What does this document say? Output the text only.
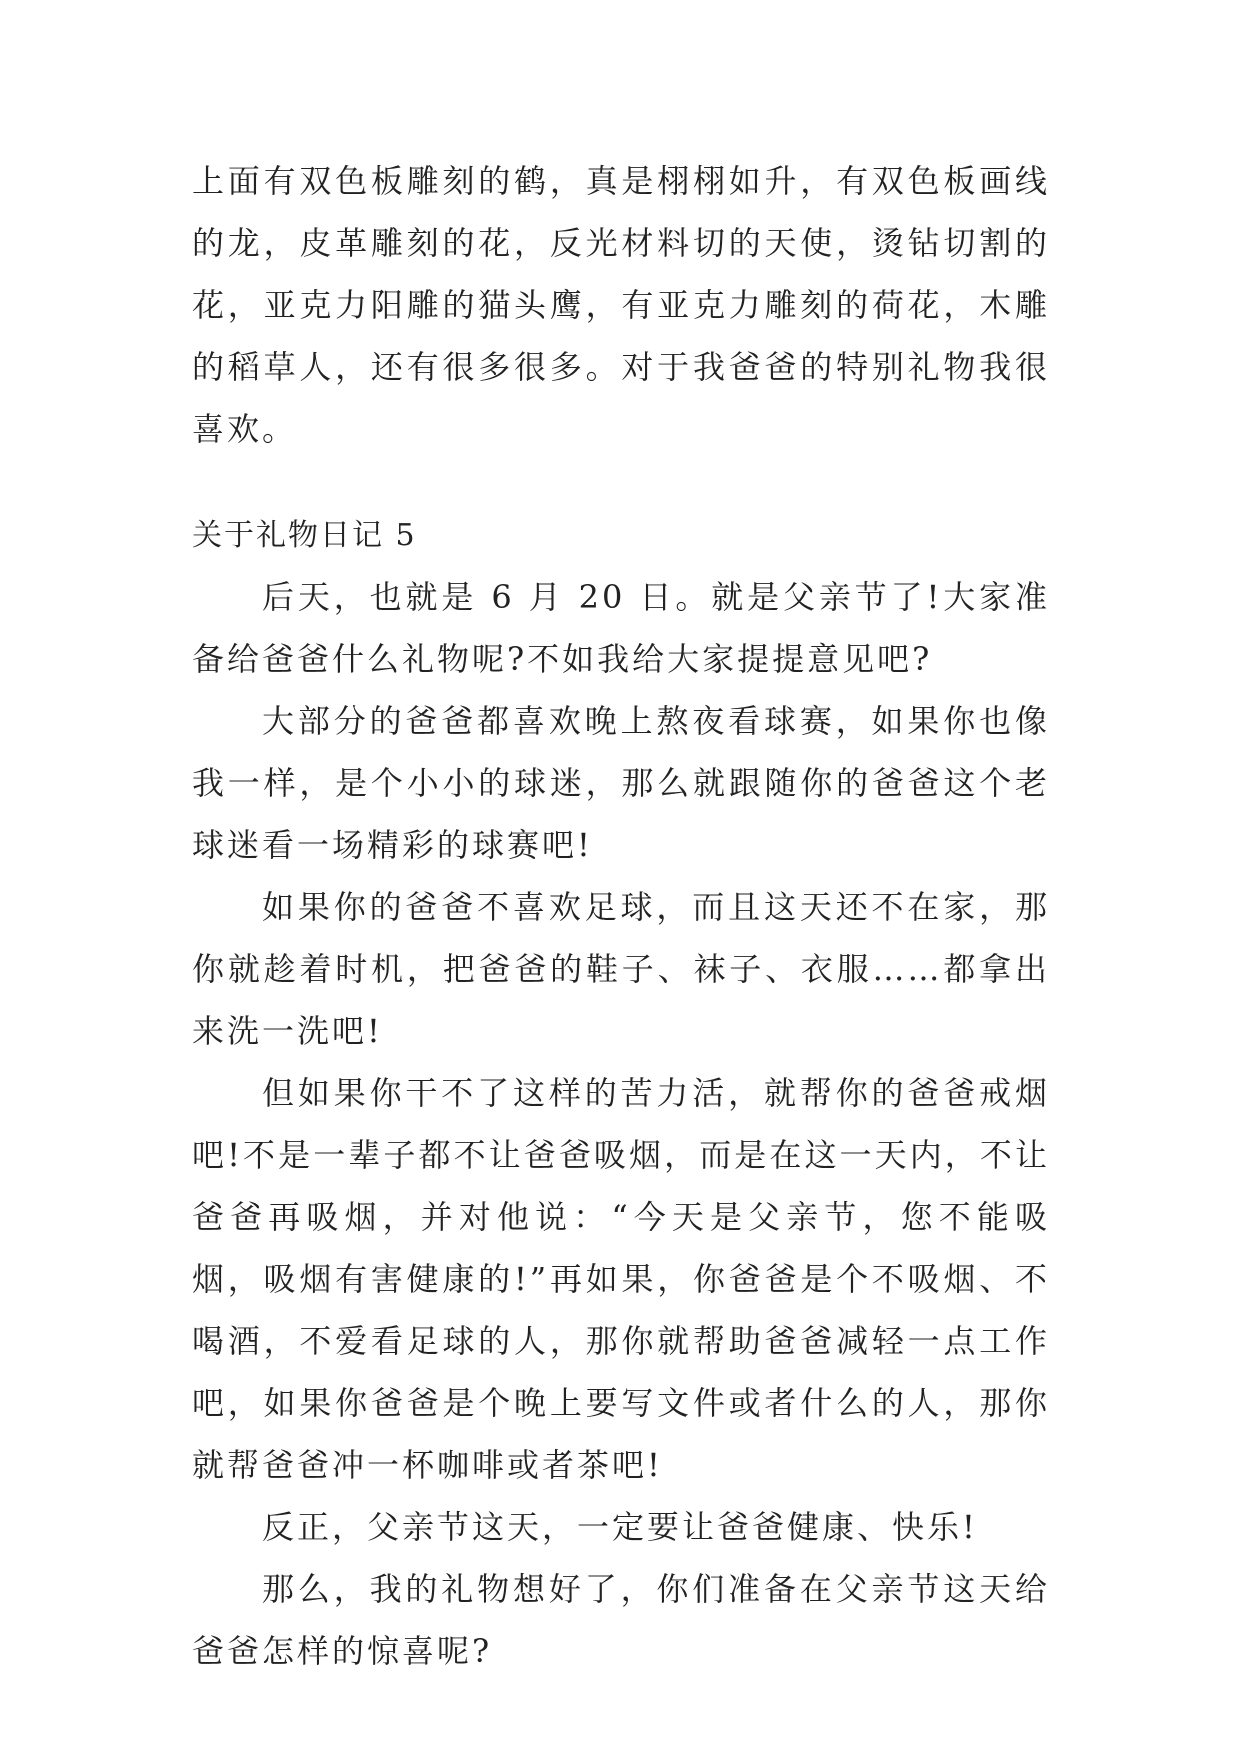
上面有双色板雕刻的鹤，真是栩栩如升，有双色板画线的龙，皮革雕刻的花，反光材料切的天使，烫钻切割的花，亚克力阳雕的猫头鹰，有亚克力雕刻的荷花，木雕的稻草人，还有很多很多。对于我爸爸的特别礼物我很喜欢。

关于礼物日记 5

后天，也就是 6 月 20 日。就是父亲节了!大家准备给爸爸什么礼物呢?不如我给大家提提意见吧?

大部分的爸爸都喜欢晚上熬夜看球赛，如果你也像我一样，是个小小的球迷，那么就跟随你的爸爸这个老球迷看一场精彩的球赛吧!

如果你的爸爸不喜欢足球，而且这天还不在家，那你就趁着时机，把爸爸的鞋子、袜子、衣服……都拿出来洗一洗吧!

但如果你干不了这样的苦力活，就帮你的爸爸戒烟吧!不是一辈子都不让爸爸吸烟，而是在这一天内，不让爸爸再吸烟，并对他说：“今天是父亲节，您不能吸烟，吸烟有害健康的!”再如果，你爸爸是个不吸烟、不喝酒，不爱看足球的人，那你就帮助爸爸减轻一点工作吧，如果你爸爸是个晚上要写文件或者什么的人，那你就帮爸爸冲一杯咖啡或者茶吧!

反正，父亲节这天，一定要让爸爸健康、快乐!

那么，我的礼物想好了，你们准备在父亲节这天给爸爸怎样的惊喜呢?
